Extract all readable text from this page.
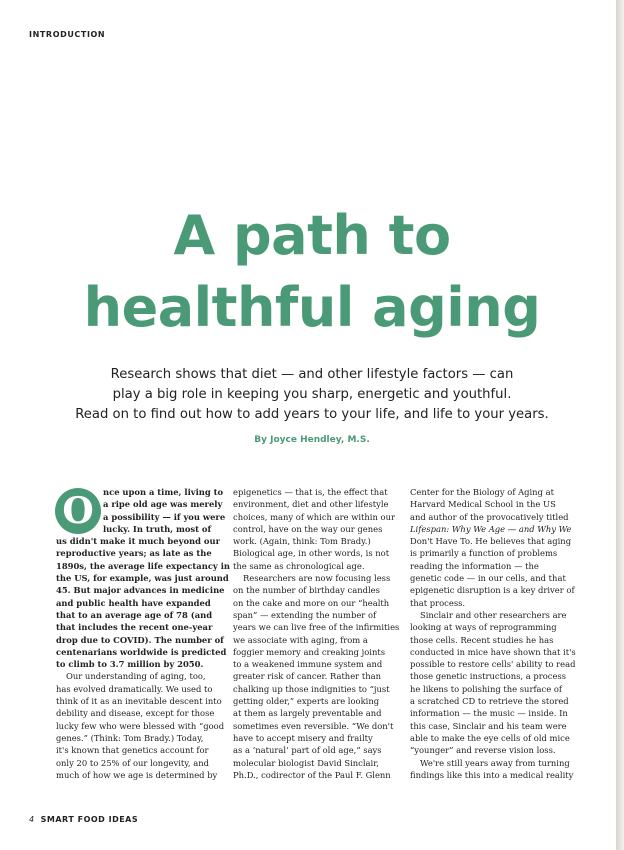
INTRODUCTION
A path to
healthful aging
Research shows that diet — and other lifestyle factors — can
play a big role in keeping you sharp, energetic and youthful.
Read on to find out how to add years to your life, and life to your years.
By Joyce Hendley, M.S.
O	nce upon a time, living to
a ripe old age was merely
a possibility — if you were
lucky. In truth, most of
us didn't make it much beyond our
reproductive years; as late as the
1890s, the average life expectancy in
the US, for example, was just around
45. But major advances in medicine
and public health have expanded
that to an average age of 78 (and
that includes the recent one-year
drop due to COVID). The number of
centenarians worldwide is predicted
to climb to 3.7 million by 2050.
Our understanding of aging, too,
has evolved dramatically. We used to
think of it as an inevitable descent into
debility and disease, except for those
lucky few who were blessed with “good
genes.” (Think: Tom Brady.) Today,
it's known that genetics account for
only 20 to 25% of our longevity, and
much of how we age is determined by
epigenetics — that is, the effect that
environment, diet and other lifestyle
choices, many of which are within our
control, have on the way our genes
work. (Again, think: Tom Brady.)
Biological age, in other words, is not
the same as chronological age.
Researchers are now focusing less
on the number of birthday candles
on the cake and more on our “health
span” — extending the number of
years we can live free of the infirmities
we associate with aging, from a
foggier memory and creaking joints
to a weakened immune system and
greater risk of cancer. Rather than
chalking up those indignities to “just
getting older,” experts are looking
at them as largely preventable and
sometimes even reversible. “We don't
have to accept misery and frailty
as a ‘natural’ part of old age,” says
molecular biologist David Sinclair,
Ph.D., codirector of the Paul F. Glenn
Center for the Biology of Aging at
Harvard Medical School in the US
and author of the provocatively titled
Lifespan: Why We Age — and Why We
Don't Have To. He believes that aging
is primarily a function of problems
reading the information — the
genetic code — in our cells, and that
epigenetic disruption is a key driver of
that process.
Sinclair and other researchers are
looking at ways of reprogramming
those cells. Recent studies he has
conducted in mice have shown that it's
possible to restore cells' ability to read
those genetic instructions, a process
he likens to polishing the surface of
a scratched CD to retrieve the stored
information — the music — inside. In
this case, Sinclair and his team were
able to make the eye cells of old mice
“younger” and reverse vision loss.
We're still years away from turning
findings like this into a medical reality
4 SMART FOOD IDEAS
